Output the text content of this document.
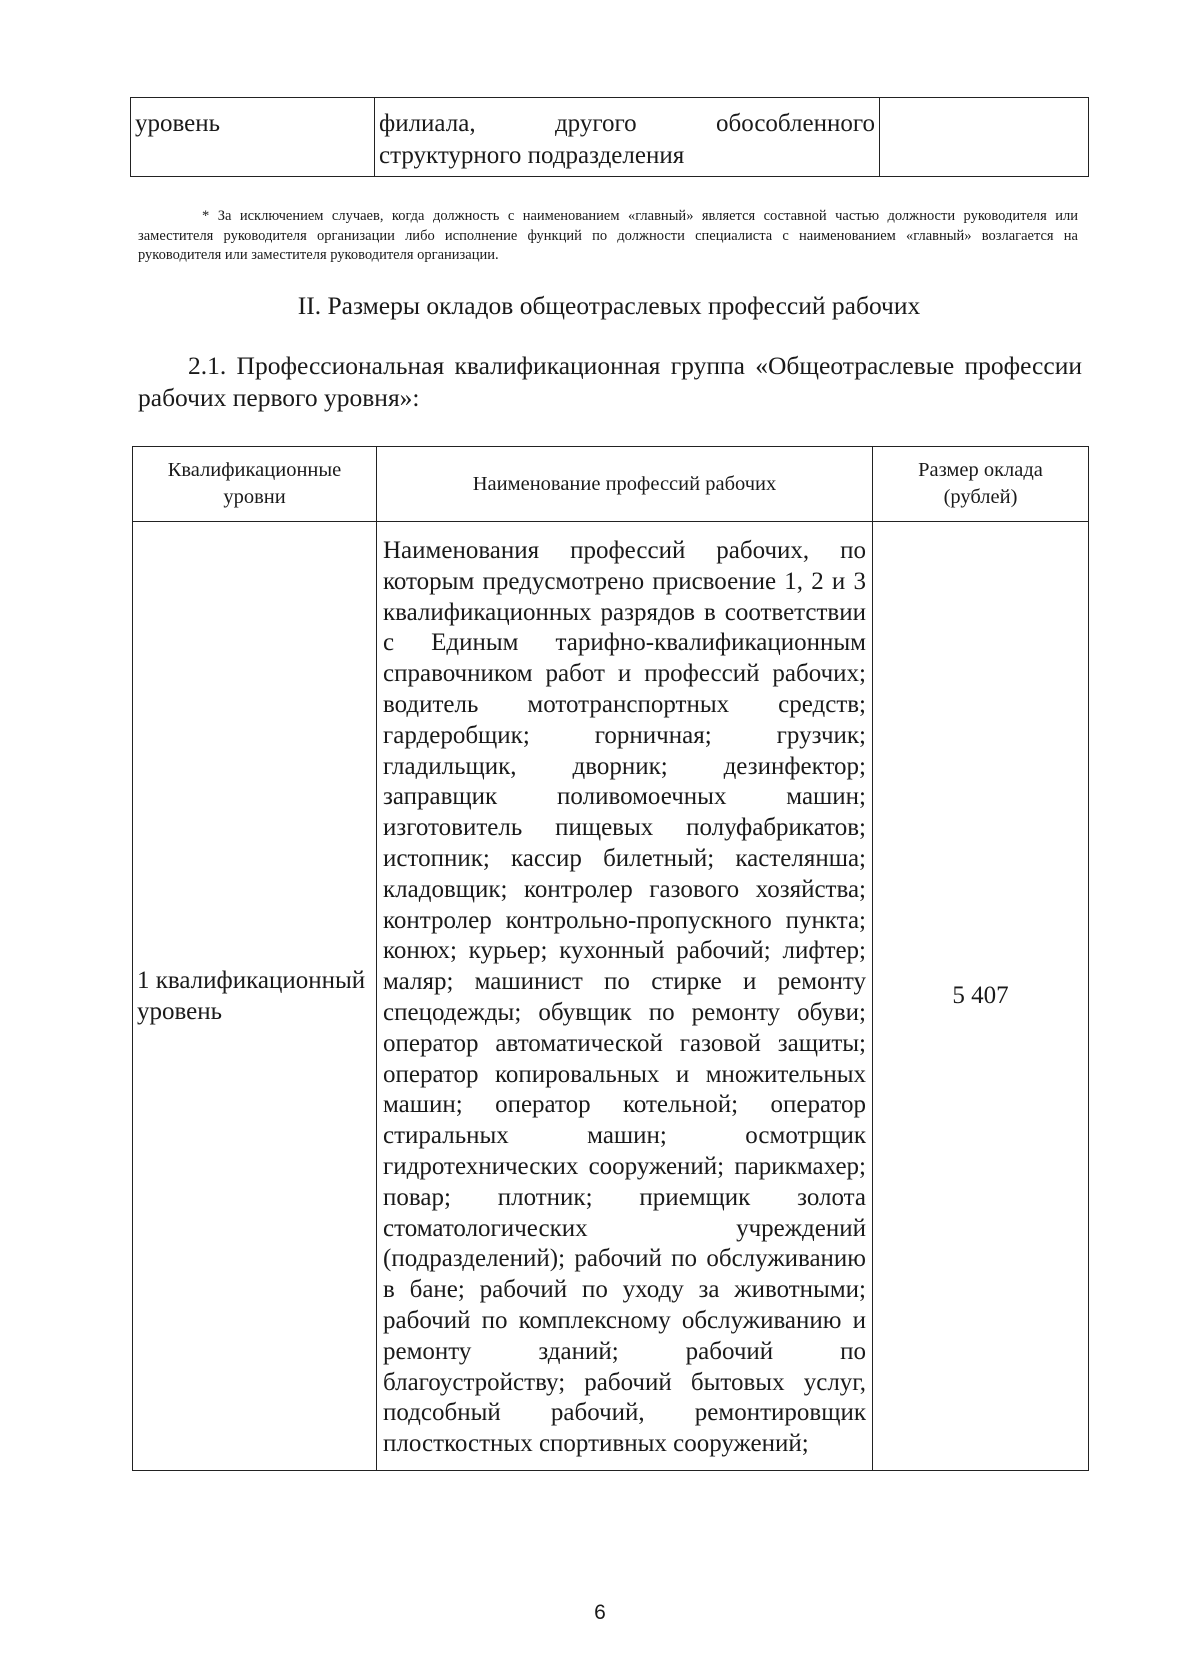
уровень	филиала, другого обособленного структурного подразделения	
* За исключением случаев, когда должность с наименованием «главный» является составной частью должности руководителя или заместителя руководителя организации либо исполнение функций по должности специалиста с наименованием «главный» возлагается на руководителя или заместителя руководителя организации.
II. Размеры окладов общеотраслевых профессий рабочих
2.1. Профессиональная квалификационная группа «Общеотраслевые профессии рабочих первого уровня»:
Квалификационные уровни	Наименование профессий рабочих	Размер оклада (рублей)
1 квалификационный уровень	Наименования профессий рабочих, по которым предусмотрено присвоение 1, 2 и 3 квалификационных разрядов в соответствии с Единым тарифно-квалификационным справочником работ и профессий рабочих; водитель мототранспортных средств; гардеробщик; горничная; грузчик; гладильщик, дворник; дезинфектор; заправщик поливомоечных машин; изготовитель пищевых полуфабрикатов; истопник; кассир билетный; кастелянша; кладовщик; контролер газового хозяйства; контролер контрольно-пропускного пункта; конюх; курьер; кухонный рабочий; лифтер; маляр; машинист по стирке и ремонту спецодежды; обувщик по ремонту обуви; оператор автоматической газовой защиты; оператор копировальных и множительных машин; оператор котельной; оператор стиральных машин; осмотрщик гидротехнических сооружений; парикмахер; повар; плотник; приемщик золота стоматологических учреждений (подразделений); рабочий по обслуживанию в бане; рабочий по уходу за животными; рабочий по комплексному обслуживанию и ремонту зданий; рабочий по благоустройству; рабочий бытовых услуг, подсобный рабочий, ремонтировщик плосткостных спортивных сооружений;	5 407
6
